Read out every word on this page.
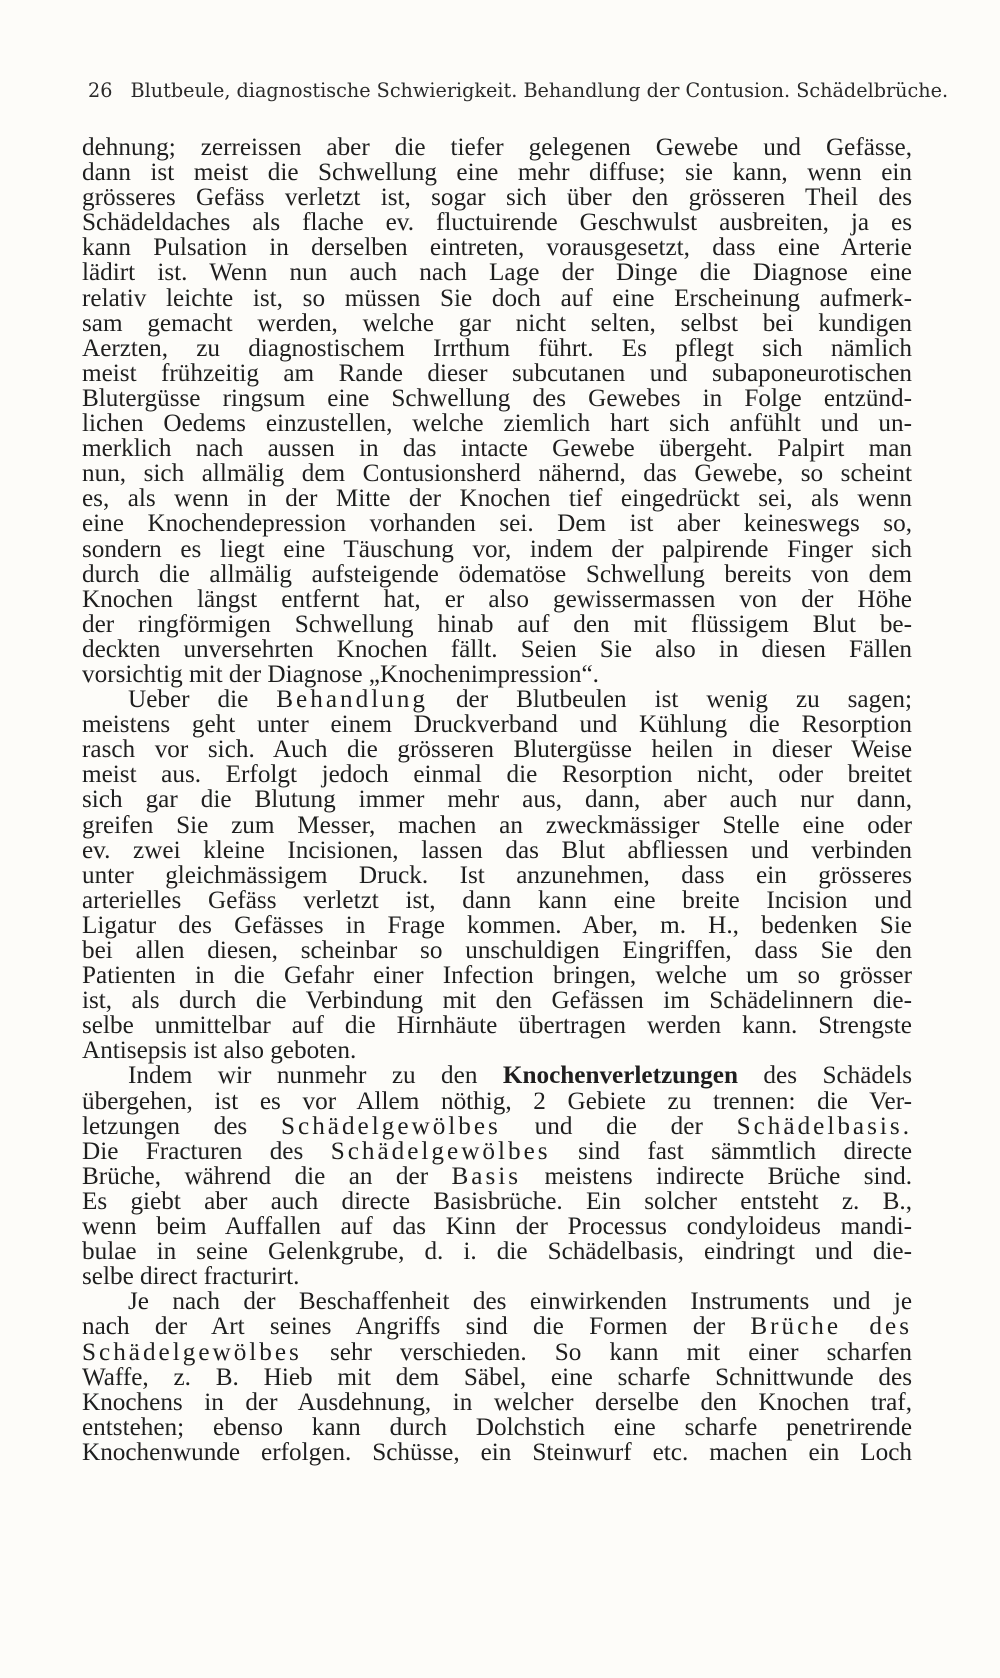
26 Blutbeule, diagnostische Schwierigkeit. Behandlung der Contusion. Schädelbrüche.
dehnung; zerreissen aber die tiefer gelegenen Gewebe und Gefässe,
dann ist meist die Schwellung eine mehr diffuse; sie kann, wenn ein
grösseres Gefäss verletzt ist, sogar sich über den grösseren Theil des
Schädeldaches als flache ev. fluctuirende Geschwulst ausbreiten, ja es
kann Pulsation in derselben eintreten, vorausgesetzt, dass eine Arterie
lädirt ist. Wenn nun auch nach Lage der Dinge die Diagnose eine
relativ leichte ist, so müssen Sie doch auf eine Erscheinung aufmerk-
sam gemacht werden, welche gar nicht selten, selbst bei kundigen
Aerzten, zu diagnostischem Irrthum führt. Es pflegt sich nämlich
meist frühzeitig am Rande dieser subcutanen und subaponeurotischen
Blutergüsse ringsum eine Schwellung des Gewebes in Folge entzünd-
lichen Oedems einzustellen, welche ziemlich hart sich anfühlt und un-
merklich nach aussen in das intacte Gewebe übergeht. Palpirt man
nun, sich allmälig dem Contusionsherd nähernd, das Gewebe, so scheint
es, als wenn in der Mitte der Knochen tief eingedrückt sei, als wenn
eine Knochendepression vorhanden sei. Dem ist aber keineswegs so,
sondern es liegt eine Täuschung vor, indem der palpirende Finger sich
durch die allmälig aufsteigende ödematöse Schwellung bereits von dem
Knochen längst entfernt hat, er also gewissermassen von der Höhe
der ringförmigen Schwellung hinab auf den mit flüssigem Blut be-
deckten unversehrten Knochen fällt. Seien Sie also in diesen Fällen
vorsichtig mit der Diagnose „Knochenimpression“.
Ueber die Behandlung der Blutbeulen ist wenig zu sagen;
meistens geht unter einem Druckverband und Kühlung die Resorption
rasch vor sich. Auch die grösseren Blutergüsse heilen in dieser Weise
meist aus. Erfolgt jedoch einmal die Resorption nicht, oder breitet
sich gar die Blutung immer mehr aus, dann, aber auch nur dann,
greifen Sie zum Messer, machen an zweckmässiger Stelle eine oder
ev. zwei kleine Incisionen, lassen das Blut abfliessen und verbinden
unter gleichmässigem Druck. Ist anzunehmen, dass ein grösseres
arterielles Gefäss verletzt ist, dann kann eine breite Incision und
Ligatur des Gefässes in Frage kommen. Aber, m. H., bedenken Sie
bei allen diesen, scheinbar so unschuldigen Eingriffen, dass Sie den
Patienten in die Gefahr einer Infection bringen, welche um so grösser
ist, als durch die Verbindung mit den Gefässen im Schädelinnern die-
selbe unmittelbar auf die Hirnhäute übertragen werden kann. Strengste
Antisepsis ist also geboten.
Indem wir nunmehr zu den Knochenverletzungen des Schädels
übergehen, ist es vor Allem nöthig, 2 Gebiete zu trennen: die Ver-
letzungen des Schädelgewölbes und die der Schädelbasis.
Die Fracturen des Schädelgewölbes sind fast sämmtlich directe
Brüche, während die an der Basis meistens indirecte Brüche sind.
Es giebt aber auch directe Basisbrüche. Ein solcher entsteht z. B.,
wenn beim Auffallen auf das Kinn der Processus condyloideus mandi-
bulae in seine Gelenkgrube, d. i. die Schädelbasis, eindringt und die-
selbe direct fracturirt.
Je nach der Beschaffenheit des einwirkenden Instruments und je
nach der Art seines Angriffs sind die Formen der Brüche des
Schädelgewölbes sehr verschieden. So kann mit einer scharfen
Waffe, z. B. Hieb mit dem Säbel, eine scharfe Schnittwunde des
Knochens in der Ausdehnung, in welcher derselbe den Knochen traf,
entstehen; ebenso kann durch Dolchstich eine scharfe penetrirende
Knochenwunde erfolgen. Schüsse, ein Steinwurf etc. machen ein Loch
